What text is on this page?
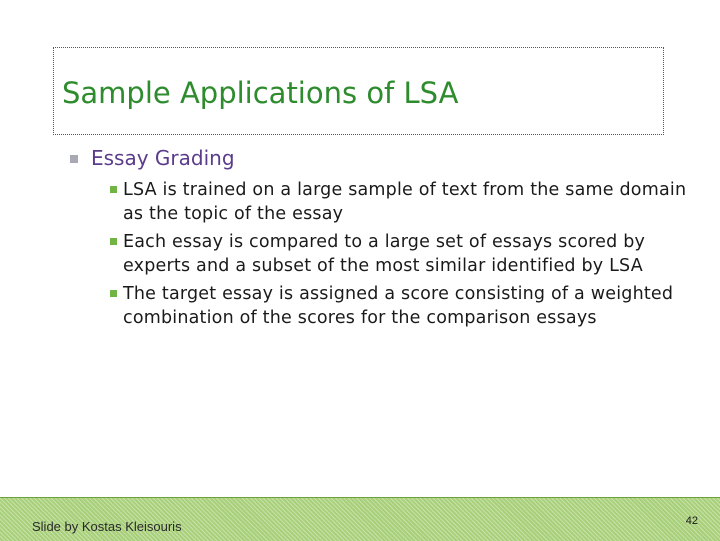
Sample Applications of LSA
Essay Grading
LSA is trained on a large sample of text from the same domain as the topic of the essay
Each essay is compared to a large set of essays scored by experts and a subset of the most similar identified by LSA
The target essay is assigned a score consisting of a weighted combination of the scores for the comparison essays
Slide by Kostas Kleisouris	42
